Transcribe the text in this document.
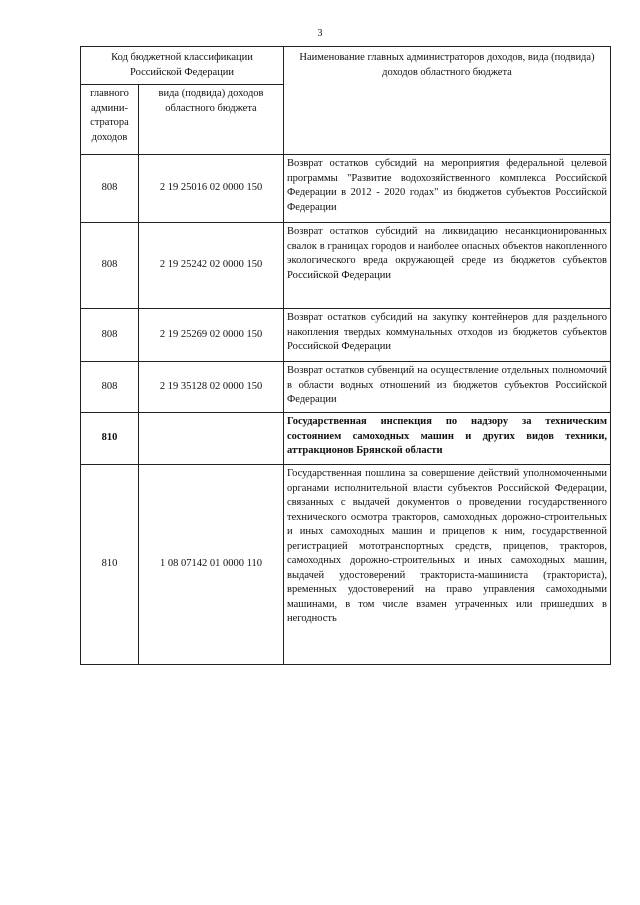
3
Код бюджетной классификации Российской Федерации		Наименование главных администраторов доходов, вида (подвида) доходов областного бюджета
главного админи-стратора доходов	вида (подвида) доходов областного бюджета	
808	2 19 25016 02 0000 150	Возврат остатков субсидий на мероприятия федеральной целевой программы "Развитие водохозяйственного комплекса Российской Федерации в 2012 - 2020 годах" из бюджетов субъектов Российской Федерации
808	2 19 25242 02 0000 150	Возврат остатков субсидий на ликвидацию несанкционированных свалок в границах городов и наиболее опасных объектов накопленного экологического вреда окружающей среде из бюджетов субъектов Российской Федерации
808	2 19 25269 02 0000 150	Возврат остатков субсидий на закупку контейнеров для раздельного накопления твердых коммунальных отходов из бюджетов субъектов Российской Федерации
808	2 19 35128 02 0000 150	Возврат остатков субвенций на осуществление отдельных полномочий в области водных отношений из бюджетов субъектов Российской Федерации
810		Государственная инспекция по надзору за техническим состоянием самоходных машин и других видов техники, аттракционов Брянской области
810	1 08 07142 01 0000 110	Государственная пошлина за совершение действий уполномоченными органами исполнительной власти субъектов Российской Федерации, связанных с выдачей документов о проведении государственного технического осмотра тракторов, самоходных дорожно-строительных и иных самоходных машин и прицепов к ним, государственной регистрацией мототранспортных средств, прицепов, тракторов, самоходных дорожно-строительных и иных самоходных машин, выдачей удостоверений тракториста-машиниста (тракториста), временных удостоверений на право управления самоходными машинами, в том числе взамен утраченных или пришедших в негодность
